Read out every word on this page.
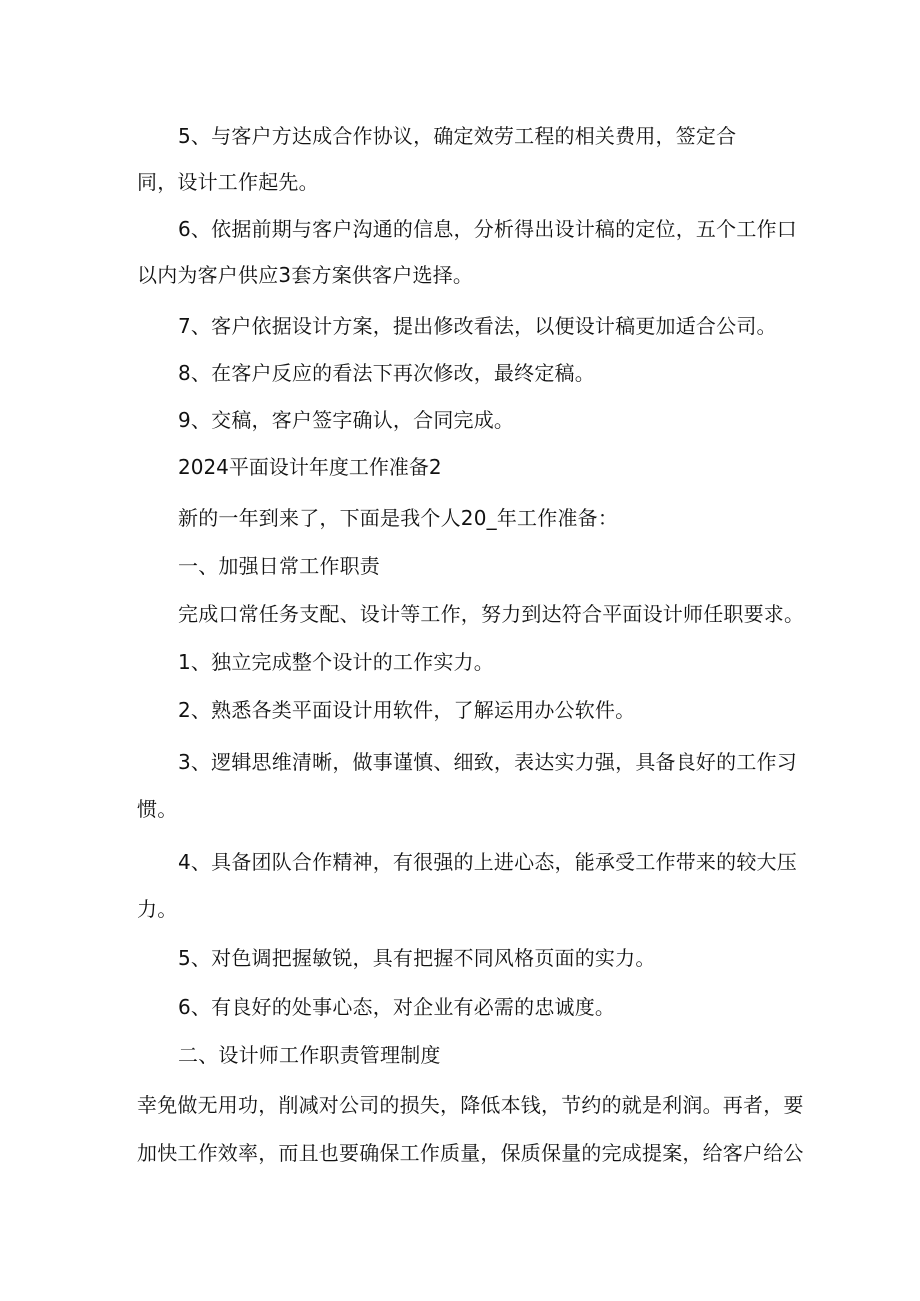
5、与客户方达成合作协议，确定效劳工程的相关费用，签定合
同，设计工作起先。
6、依据前期与客户沟通的信息，分析得出设计稿的定位，五个工作口
以内为客户供应3套方案供客户选择。
7、客户依据设计方案，提出修改看法，以便设计稿更加适合公司。
8、在客户反应的看法下再次修改，最终定稿。
9、交稿，客户签字确认，合同完成。
2024平面设计年度工作准备2
新的一年到来了，下面是我个人20_年工作准备：
一、加强日常工作职责
完成口常任务支配、设计等工作，努力到达符合平面设计师任职要求。
1、独立完成整个设计的工作实力。
2、熟悉各类平面设计用软件，了解运用办公软件。
3、逻辑思维清晰，做事谨慎、细致，表达实力强，具备良好的工作习
惯。
4、具备团队合作精神，有很强的上进心态，能承受工作带来的较大压
力。
5、对色调把握敏锐，具有把握不同风格页面的实力。
6、有良好的处事心态，对企业有必需的忠诚度。
二、设计师工作职责管理制度
幸免做无用功，削减对公司的损失，降低本钱，节约的就是利润。再者，要
加快工作效率，而且也要确保工作质量，保质保量的完成提案，给客户给公
